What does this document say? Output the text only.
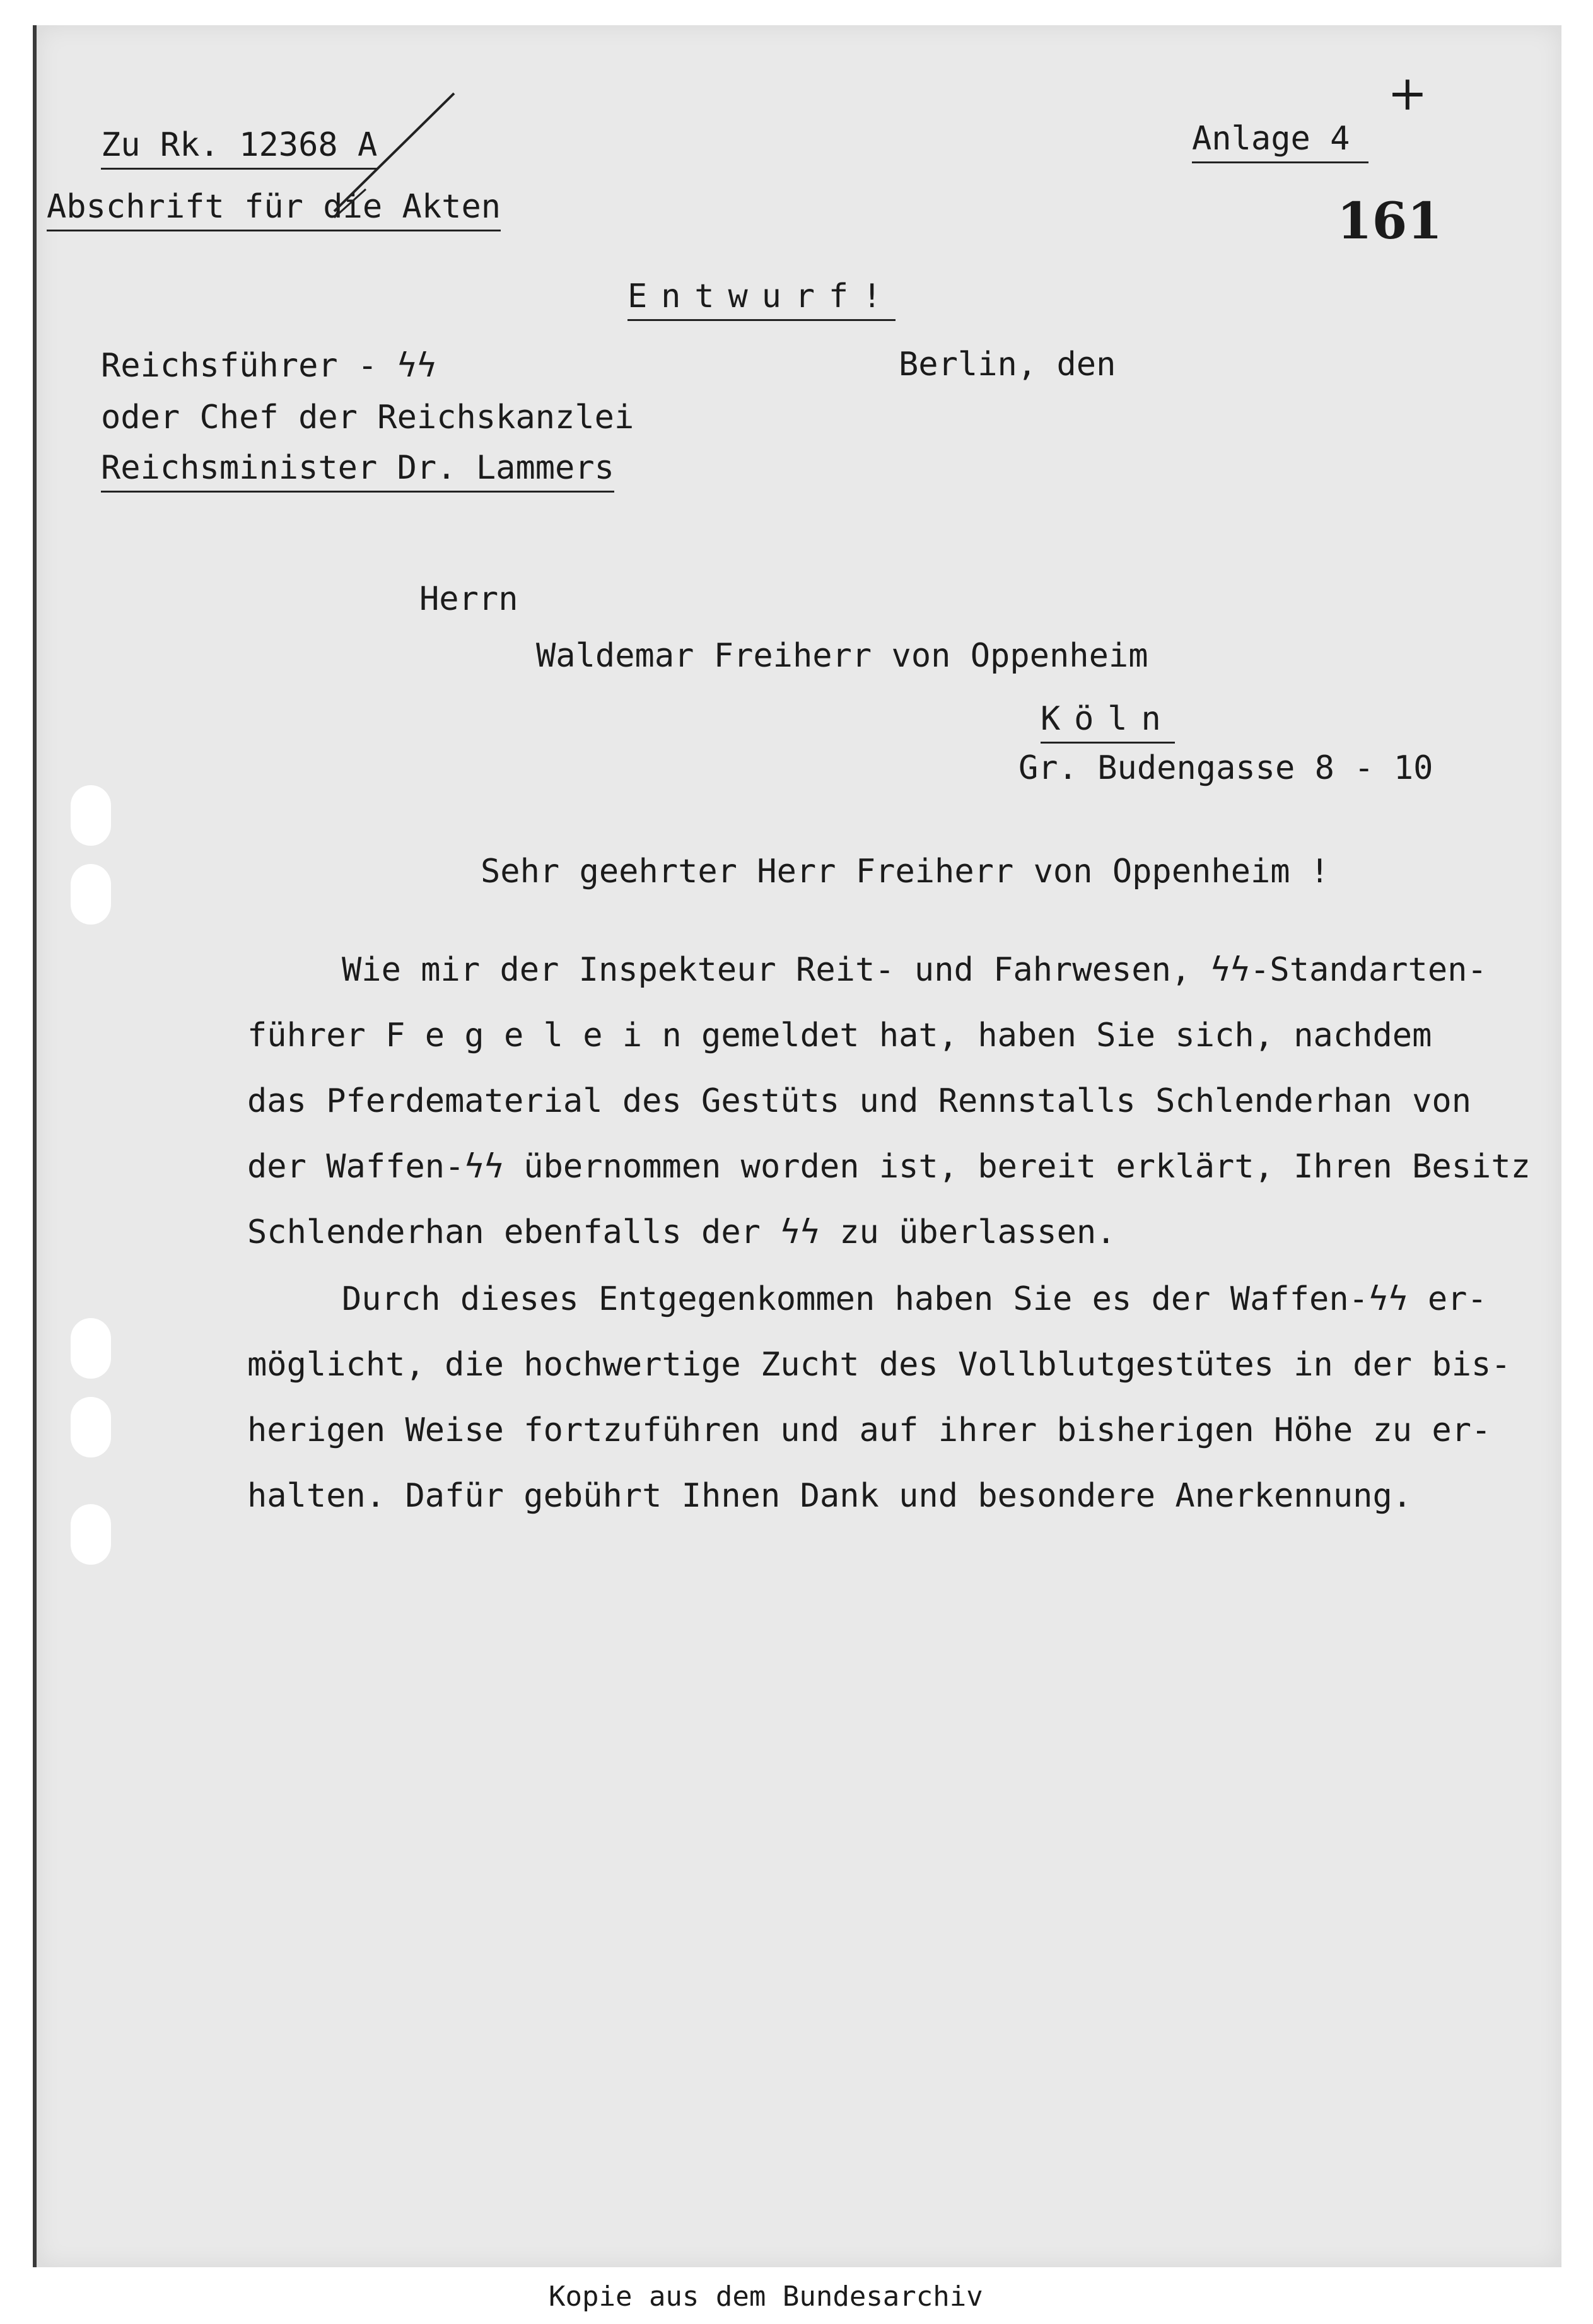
Zu Rk. 12368 A
Abschrift für die Akten
Anlage 4
161
+
Entwurf!
Reichsführer - ϟϟ
oder Chef der Reichskanzlei
Reichsminister Dr. Lammers
Berlin, den
Herrn
Waldemar Freiherr von Oppenheim
Köln
Gr. Budengasse 8 - 10
Sehr geehrter Herr Freiherr von Oppenheim !
Wie mir der Inspekteur Reit- und Fahrwesen, ϟϟ-Standarten-
führer F e g e l e i n gemeldet hat, haben Sie sich, nachdem
das Pferdematerial des Gestüts und Rennstalls Schlenderhan von
der Waffen-ϟϟ übernommen worden ist, bereit erklärt, Ihren Besitz
Schlenderhan ebenfalls der ϟϟ zu überlassen.
Durch dieses Entgegenkommen haben Sie es der Waffen-ϟϟ er-
möglicht, die hochwertige Zucht des Vollblutgestütes in der bis-
herigen Weise fortzuführen und auf ihrer bisherigen Höhe zu er-
halten. Dafür gebührt Ihnen Dank und besondere Anerkennung.
Kopie aus dem Bundesarchiv
